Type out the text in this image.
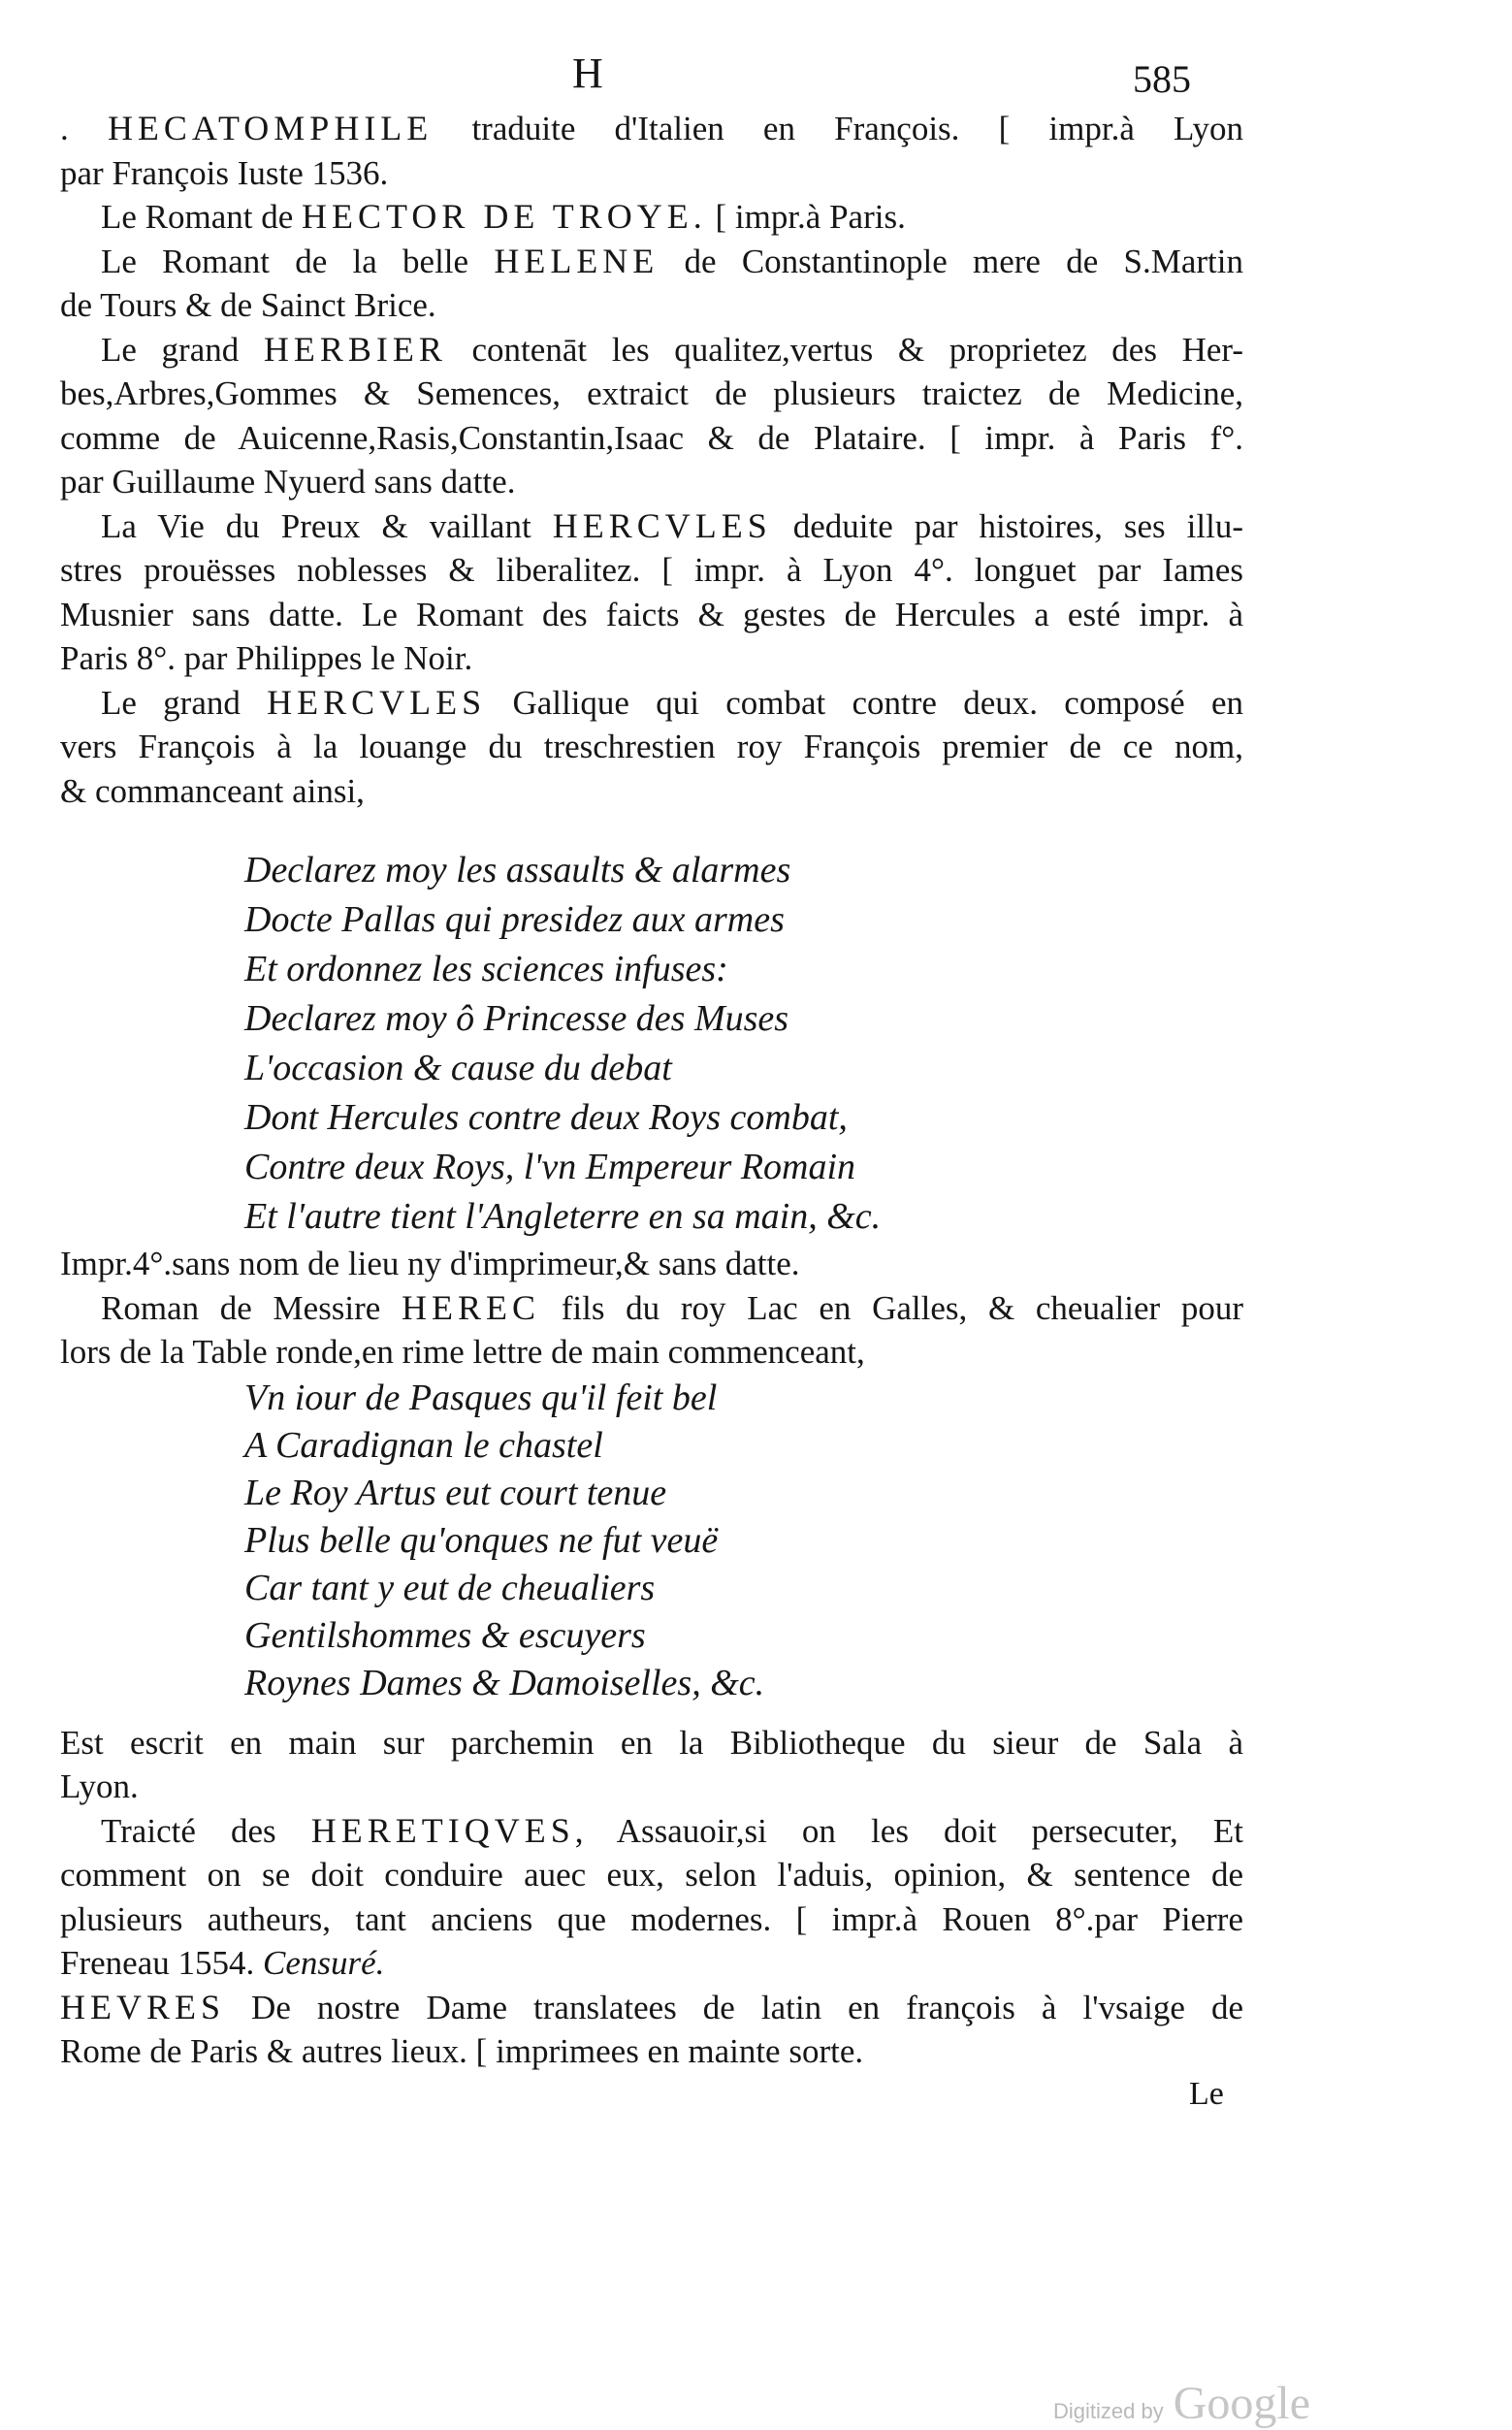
H	585
. HECATOMPHILE traduite d'Italien en François. [ impr.à Lyon
par François Iuste 1536.
Le Romant de HECTOR DE TROYE. [ impr.à Paris.
Le Romant de la belle HELENE de Constantinople mere de S.Martin
de Tours & de Sainct Brice.
Le grand HERBIER contenāt les qualitez,vertus & proprietez des Her-
bes,Arbres,Gommes & Semences, extraict de plusieurs traictez de Medicine,
comme de Auicenne,Rasis,Constantin,Isaac & de Plataire. [ impr. à Paris f°.
par Guillaume Nyuerd sans datte.
La Vie du Preux & vaillant HERCVLES deduite par histoires, ses illu-
stres prouësses noblesses & liberalitez. [ impr. à Lyon 4°. longuet par Iames
Musnier sans datte. Le Romant des faicts & gestes de Hercules a esté impr. à
Paris 8°. par Philippes le Noir.
Le grand HERCVLES Gallique qui combat contre deux. composé en
vers François à la louange du treschrestien roy François premier de ce nom,
& commanceant ainsi,
Declarez moy les assaults & alarmes
Docte Pallas qui presidez aux armes
Et ordonnez les sciences infuses:
Declarez moy ô Princesse des Muses
L'occasion & cause du debat
Dont Hercules contre deux Roys combat,
Contre deux Roys, l'vn Empereur Romain
Et l'autre tient l'Angleterre en sa main, &c.
Impr.4°.sans nom de lieu ny d'imprimeur,& sans datte.
Roman de Messire HEREC fils du roy Lac en Galles, & cheualier pour
lors de la Table ronde,en rime lettre de main commenceant,
Vn iour de Pasques qu'il feit bel
A Caradignan le chastel
Le Roy Artus eut court tenue
Plus belle qu'onques ne fut veuë
Car tant y eut de cheualiers
Gentilshommes & escuyers
Roynes Dames & Damoiselles, &c.
Est escrit en main sur parchemin en la Bibliotheque du sieur de Sala à
Lyon.
Traicté des HERETIQVES, Assauoir,si on les doit persecuter, Et
comment on se doit conduire auec eux, selon l'aduis, opinion, & sentence de
plusieurs autheurs, tant anciens que modernes. [ impr.à Rouen 8°.par Pierre
Freneau 1554. Censuré.
HEVRES De nostre Dame translatees de latin en françois à l'vsaige de
Rome de Paris & autres lieux. [ imprimees en mainte sorte.
Le
Digitized by Google
